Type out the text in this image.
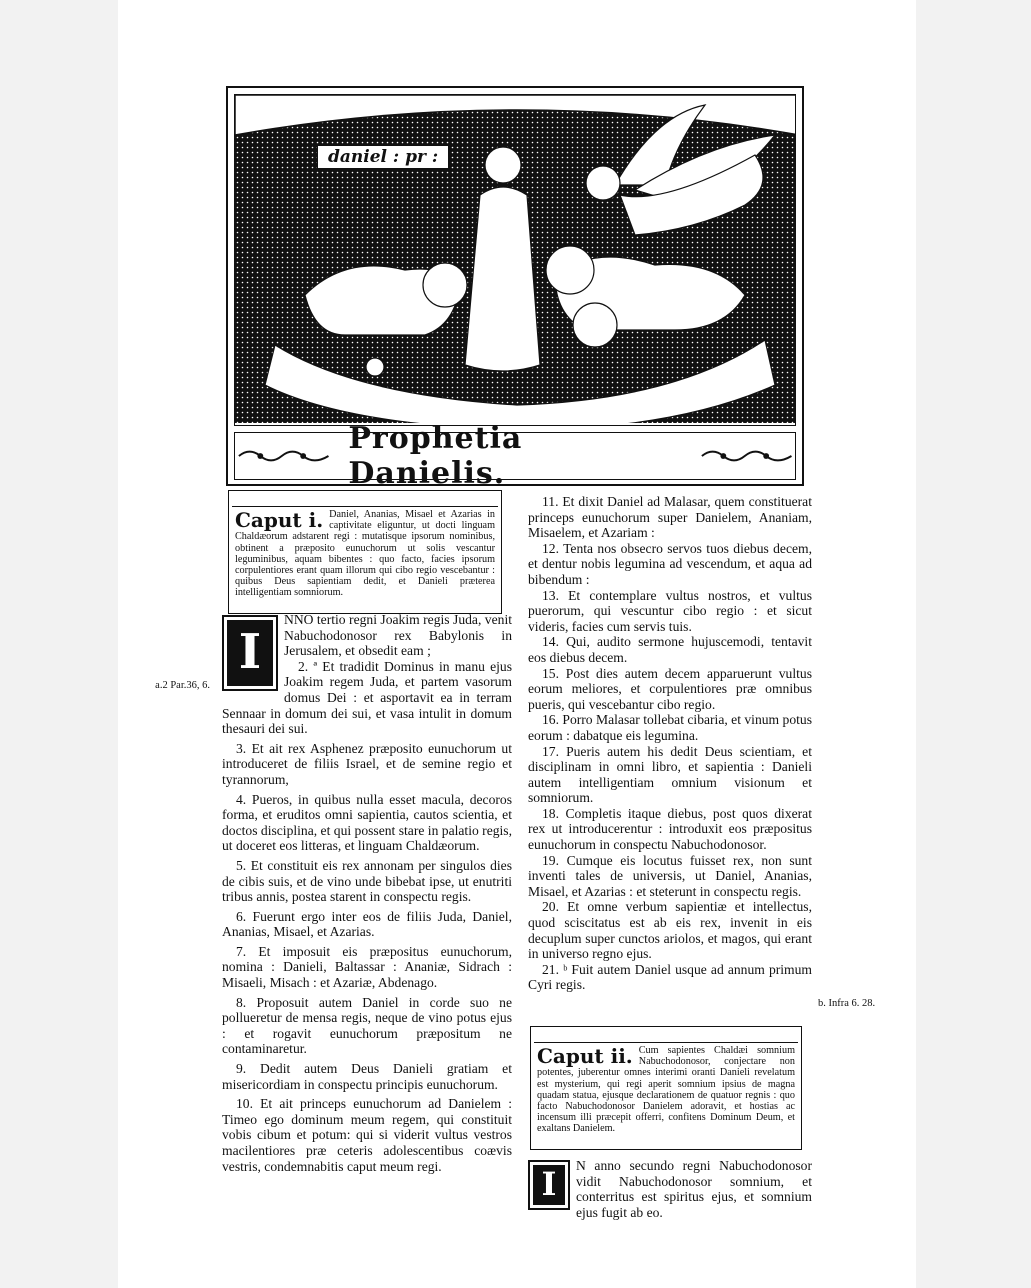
daniel : pr :
Prophetia Danielis.
Caput i. Daniel, Ananias, Misael et Azarias in captivitate eliguntur, ut docti linguam Chaldæorum adstarent regi : mutatisque ipsorum nominibus, obtinent a præposito eunuchorum ut solis vescantur leguminibus, aquam bibentes : quo facto, facies ipsorum corpulentiores erant quam illorum qui cibo regio vescebantur : quibus Deus sapientiam dedit, et Danieli præterea intelligentiam somniorum.
I

NNO tertio regni Joakim regis Juda, venit Nabuchodonosor rex Babylonis in Jerusalem, et obsedit eam ;

2. ª Et tradidit Dominus in manu ejus Joakim regem Juda, et partem vasorum domus Dei : et asportavit ea in terram Sennaar in domum dei sui, et vasa intulit in domum thesauri dei sui.

3. Et ait rex Asphenez præposito eunuchorum ut introduceret de filiis Israel, et de semine regio et tyrannorum,

4. Pueros, in quibus nulla esset macula, decoros forma, et eruditos omni sapientia, cautos scientia, et doctos disciplina, et qui possent stare in palatio regis, ut doceret eos litteras, et linguam Chaldæorum.

5. Et constituit eis rex annonam per singulos dies de cibis suis, et de vino unde bibebat ipse, ut enutriti tribus annis, postea starent in conspectu regis.

6. Fuerunt ergo inter eos de filiis Juda, Daniel, Ananias, Misael, et Azarias.

7. Et imposuit eis præpositus eunuchorum, nomina : Danieli, Baltassar : Ananiæ, Sidrach : Misaeli, Misach : et Azariæ, Abdenago.

8. Proposuit autem Daniel in corde suo ne pollueretur de mensa regis, neque de vino potus ejus : et rogavit eunuchorum præpositum ne contaminaretur.

9. Dedit autem Deus Danieli gratiam et misericordiam in conspectu principis eunuchorum.

10. Et ait princeps eunuchorum ad Danielem : Timeo ego dominum meum regem, qui constituit vobis cibum et potum: qui si viderit vultus vestros macilentiores præ ceteris adolescentibus coævis vestris, condemnabitis caput meum regi.

11. Et dixit Daniel ad Malasar, quem constituerat princeps eunuchorum super Danielem, Ananiam, Misaelem, et Azariam :

12. Tenta nos obsecro servos tuos diebus decem, et dentur nobis legumina ad vescendum, et aqua ad bibendum :

13. Et contemplare vultus nostros, et vultus puerorum, qui vescuntur cibo regio : et sicut videris, facies cum servis tuis.

14. Qui, audito sermone hujuscemodi, tentavit eos diebus decem.

15. Post dies autem decem apparuerunt vultus eorum meliores, et corpulentiores præ omnibus pueris, qui vescebantur cibo regio.

16. Porro Malasar tollebat cibaria, et vinum potus eorum : dabatque eis legumina.

17. Pueris autem his dedit Deus scientiam, et disciplinam in omni libro, et sapientia : Danieli autem intelligentiam omnium visionum et somniorum.

18. Completis itaque diebus, post quos dixerat rex ut introducerentur : introduxit eos præpositus eunuchorum in conspectu Nabuchodonosor.

19. Cumque eis locutus fuisset rex, non sunt inventi tales de universis, ut Daniel, Ananias, Misael, et Azarias : et steterunt in conspectu regis.

20. Et omne verbum sapientiæ et intellectus, quod sciscitatus est ab eis rex, invenit in eis decuplum super cunctos ariolos, et magos, qui erant in universo regno ejus.

21. ᵇ Fuit autem Daniel usque ad annum primum Cyri regis.

Caput ii. Cum sapientes Chaldæi somnium Nabuchodonosor, conjectare non potentes, juberentur omnes interimi oranti Danieli revelatum est mysterium, qui regi aperit somnium ipsius de magna quadam statua, ejusque declarationem de quatuor regnis : quo facto Nabuchodonosor Danielem adoravit, et hostias ac incensum illi præcepit offerri, confitens Dominum Deum, et exaltans Danielem.
I	N anno secundo regni Nabuchodonosor vidit Nabuchodonosor somnium, et conterritus est spiritus ejus, et somnium ejus fugit ab eo.

a.2 Par.36, 6.
b. Infra 6. 28.
